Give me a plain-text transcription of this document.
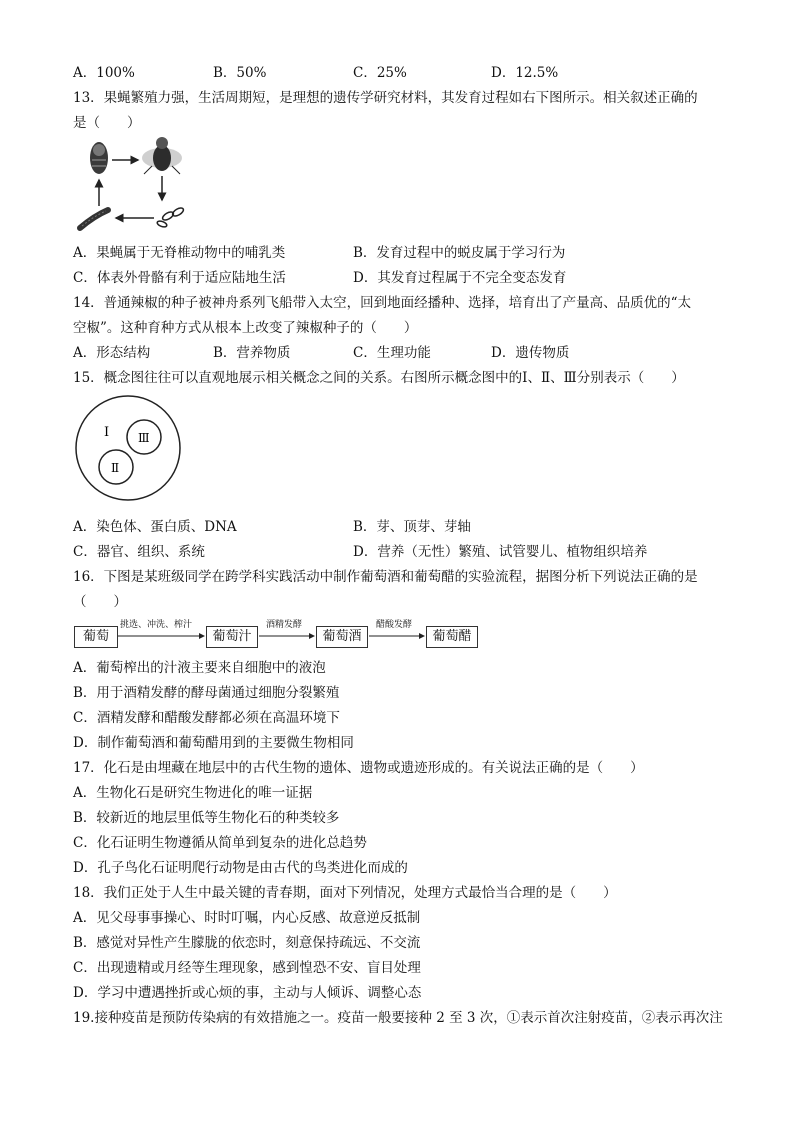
A．100%	B．50%	C．25%	D．12.5%
13．果蝇繁殖力强，生活周期短，是理想的遗传学研究材料，其发育过程如右下图所示。相关叙述正确的
是（　　）
A．果蝇属于无脊椎动物中的哺乳类	B．发育过程中的蜕皮属于学习行为
C．体表外骨骼有利于适应陆地生活	D．其发育过程属于不完全变态发育
14．普通辣椒的种子被神舟系列飞船带入太空，回到地面经播种、选择，培育出了产量高、品质优的“太
空椒”。这种育种方式从根本上改变了辣椒种子的（　　）
A．形态结构	B．营养物质	C．生理功能	D．遗传物质
15．概念图往往可以直观地展示相关概念之间的关系。右图所示概念图中的Ⅰ、Ⅱ、Ⅲ分别表示（　　）
Ⅰ Ⅲ
Ⅱ
A．染色体、蛋白质、DNA	B．芽、顶芽、芽轴
C．器官、组织、系统	D．营养（无性）繁殖、试管婴儿、植物组织培养
16．下图是某班级同学在跨学科实践活动中制作葡萄酒和葡萄醋的实验流程，据图分析下列说法正确的是
（　　）
葡萄
挑选、冲洗、榨汁
葡萄汁
酒精发酵
葡萄酒
醋酸发酵
葡萄醋
A．葡萄榨出的汁液主要来自细胞中的液泡
B．用于酒精发酵的酵母菌通过细胞分裂繁殖
C．酒精发酵和醋酸发酵都必须在高温环境下
D．制作葡萄酒和葡萄醋用到的主要微生物相同
17．化石是由埋藏在地层中的古代生物的遗体、遗物或遗迹形成的。有关说法正确的是（　　）
A．生物化石是研究生物进化的唯一证据
B．较新近的地层里低等生物化石的种类较多
C．化石证明生物遵循从简单到复杂的进化总趋势
D．孔子鸟化石证明爬行动物是由古代的鸟类进化而成的
18．我们正处于人生中最关键的青春期，面对下列情况，处理方式最恰当合理的是（　　）
A．见父母事事操心、时时叮嘱，内心反感、故意逆反抵制
B．感觉对异性产生朦胧的依恋时，刻意保持疏远、不交流
C．出现遗精或月经等生理现象，感到惶恐不安、盲目处理
D．学习中遭遇挫折或心烦的事，主动与人倾诉、调整心态
19.接种疫苗是预防传染病的有效措施之一。疫苗一般要接种 2 至 3 次，①表示首次注射疫苗，②表示再次注
